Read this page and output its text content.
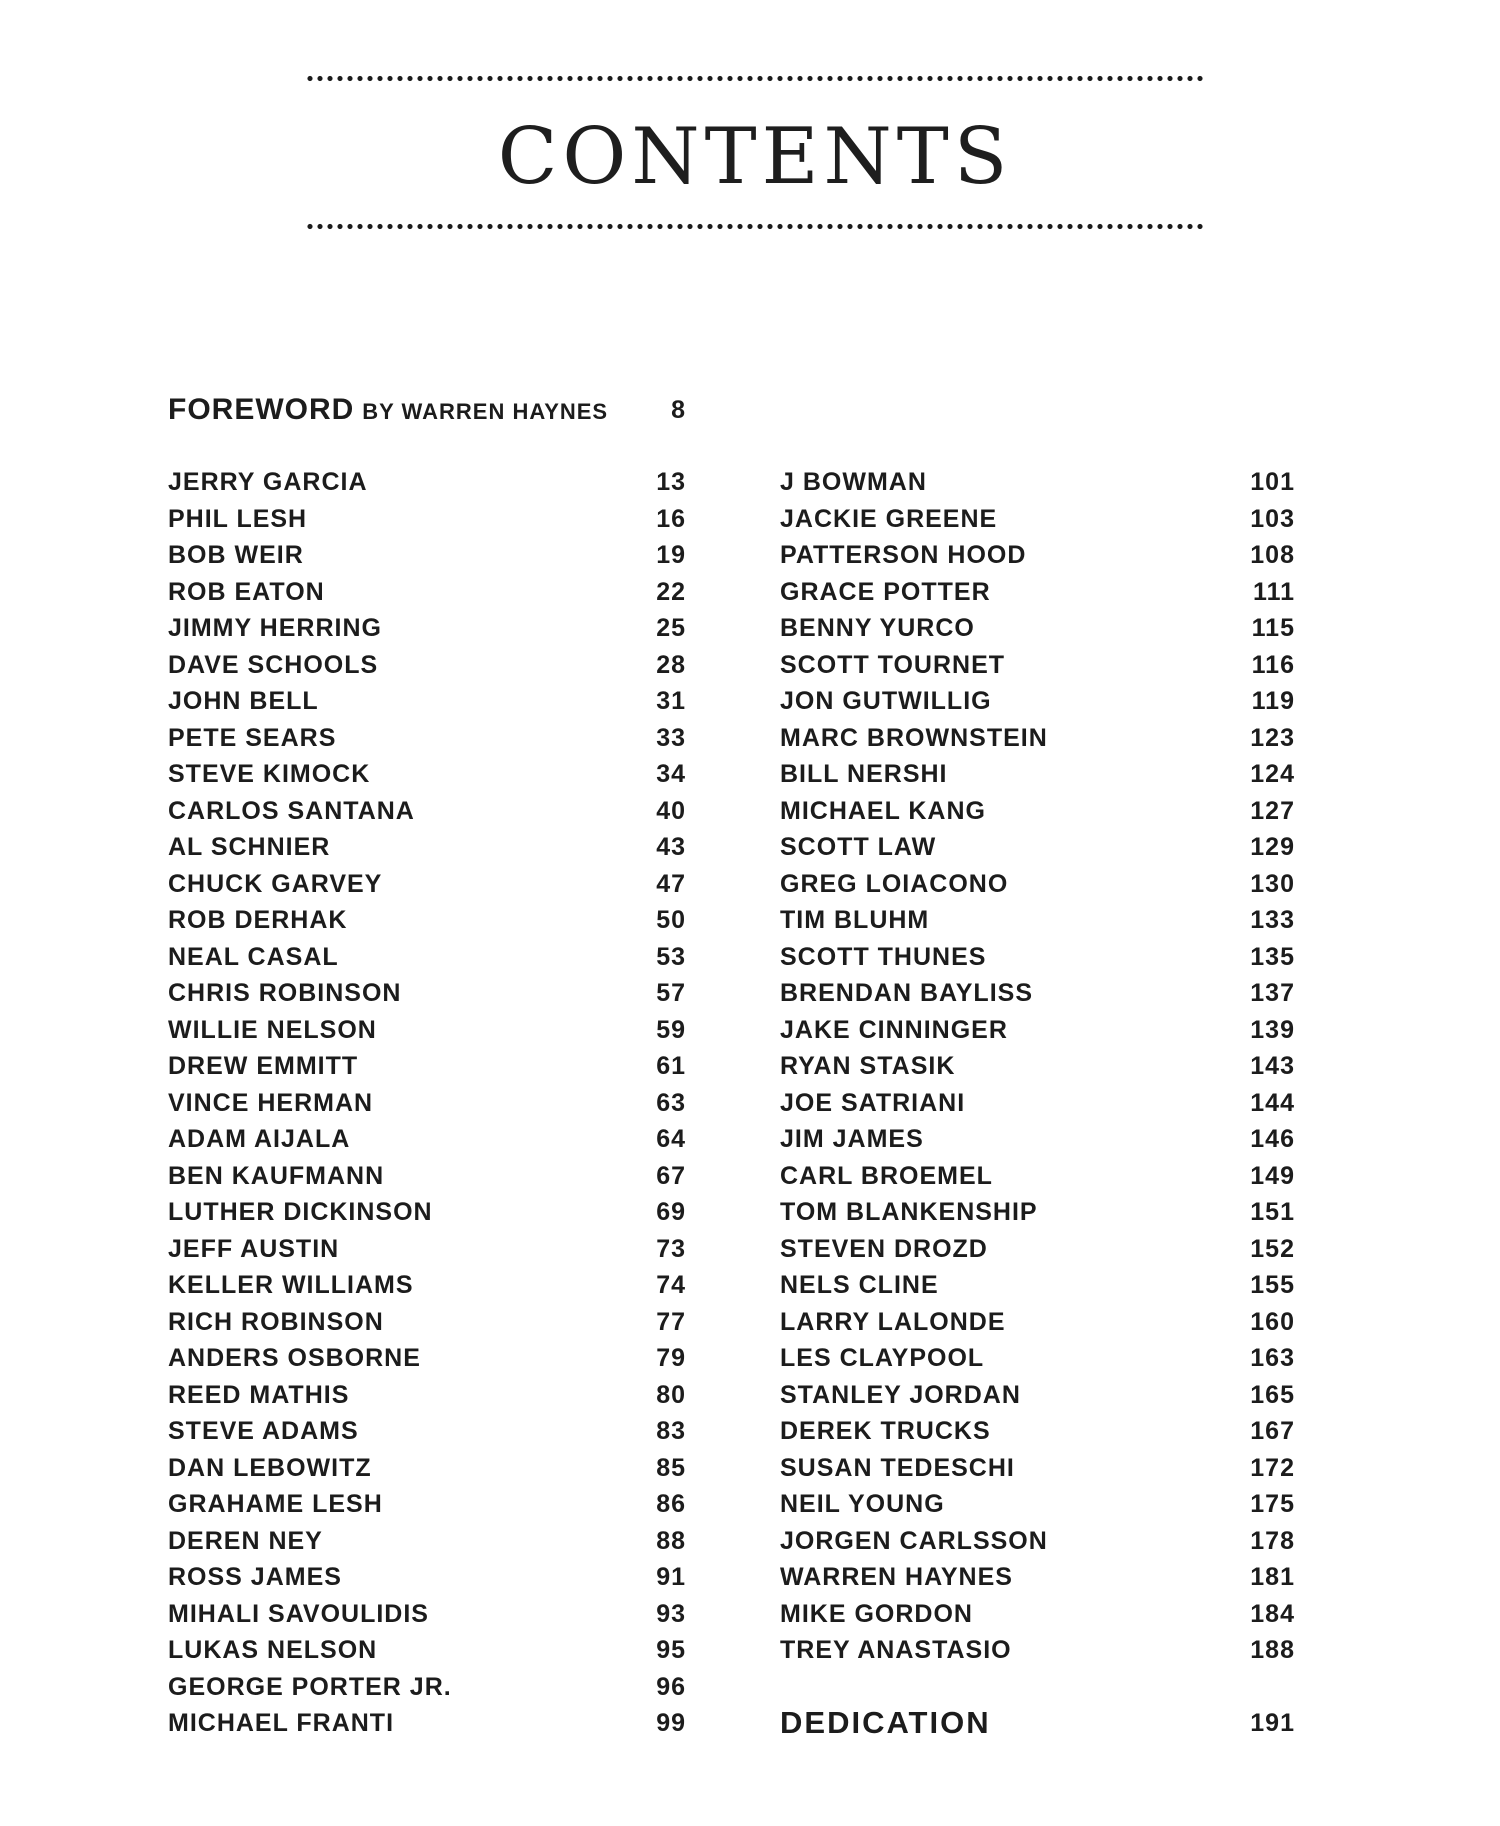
CONTENTS
FOREWORD BY WARREN HAYNES	8
JERRY GARCIA	13
PHIL LESH	16
BOB WEIR	19
ROB EATON	22
JIMMY HERRING	25
DAVE SCHOOLS	28
JOHN BELL	31
PETE SEARS	33
STEVE KIMOCK	34
CARLOS SANTANA	40
AL SCHNIER	43
CHUCK GARVEY	47
ROB DERHAK	50
NEAL CASAL	53
CHRIS ROBINSON	57
WILLIE NELSON	59
DREW EMMITT	61
VINCE HERMAN	63
ADAM AIJALA	64
BEN KAUFMANN	67
LUTHER DICKINSON	69
JEFF AUSTIN	73
KELLER WILLIAMS	74
RICH ROBINSON	77
ANDERS OSBORNE	79
REED MATHIS	80
STEVE ADAMS	83
DAN LEBOWITZ	85
GRAHAME LESH	86
DEREN NEY	88
ROSS JAMES	91
MIHALI SAVOULIDIS	93
LUKAS NELSON	95
GEORGE PORTER JR.	96
MICHAEL FRANTI	99
J BOWMAN	101
JACKIE GREENE	103
PATTERSON HOOD	108
GRACE POTTER	111
BENNY YURCO	115
SCOTT TOURNET	116
JON GUTWILLIG	119
MARC BROWNSTEIN	123
BILL NERSHI	124
MICHAEL KANG	127
SCOTT LAW	129
GREG LOIACONO	130
TIM BLUHM	133
SCOTT THUNES	135
BRENDAN BAYLISS	137
JAKE CINNINGER	139
RYAN STASIK	143
JOE SATRIANI	144
JIM JAMES	146
CARL BROEMEL	149
TOM BLANKENSHIP	151
STEVEN DROZD	152
NELS CLINE	155
LARRY LALONDE	160
LES CLAYPOOL	163
STANLEY JORDAN	165
DEREK TRUCKS	167
SUSAN TEDESCHI	172
NEIL YOUNG	175
JORGEN CARLSSON	178
WARREN HAYNES	181
MIKE GORDON	184
TREY ANASTASIO	188
DEDICATION	191
